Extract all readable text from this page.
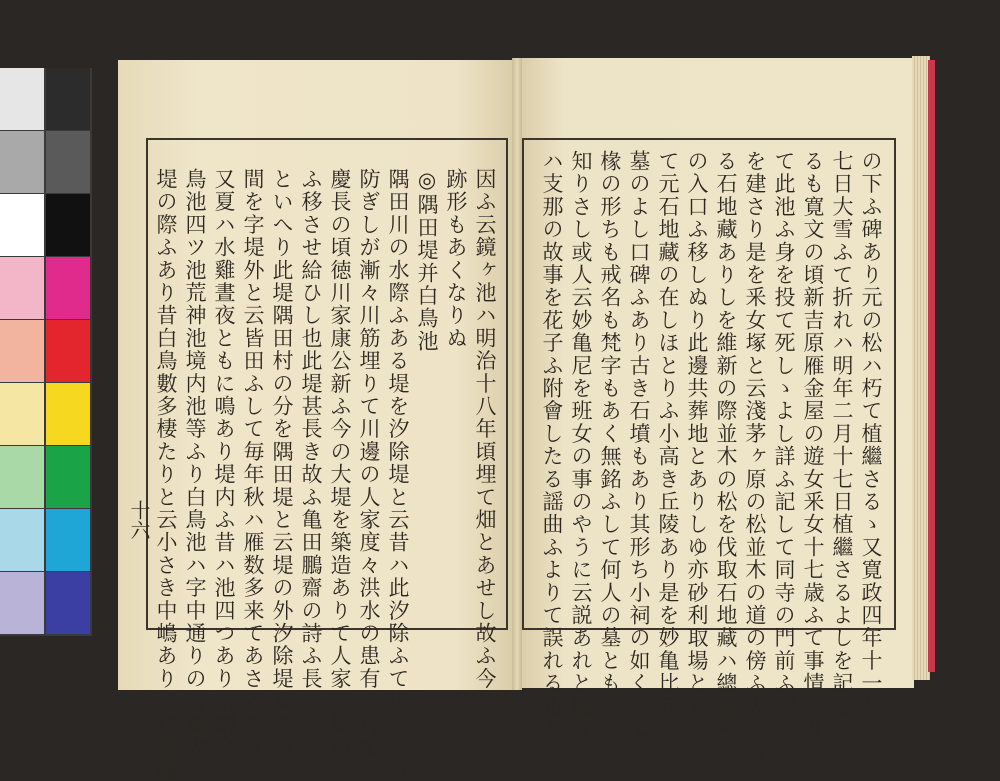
因ふ云鏡ヶ池ハ明治十八年頃埋て畑とあせし故ふ今ハ
跡形もあくなりぬ
◎隅田堤并白鳥池
隅田川の水際ふある堤を汐除堤と云昔ハ此汐除ふて出水をも
防ぎしが漸々川筋埋りて川邊の人家度々洪水の患有ふ付て
慶長の頃徳川家康公新ふ今の大堤を築造ありて人家を堤内
ふ移させ給ひし也此堤甚長き故ふ亀田鵬齋の詩ふ長堤十里
といへり此堤隅田村の分を隅田堤と云堤の外汐除堤までの
間を字堤外と云皆田ふして毎年秋ハ雁数多来てあさるあり
又夏ハ水雞晝夜ともに鳴あり堤内ふ昔ハ池四つあり所謂白
鳥池四ツ池荒神池境内池等ふり白鳥池ハ字中通りの南端大
堤の際ふあり昔白鳥數多棲たりと云小さき中嶋ありて白鳥嶋	の下ふ碑あり元の松ハ朽て植繼さるゝ又寛政四年十一月十
七日大雪ふて折れハ明年二月十七日植繼さるよしを記せ
るも寛文の頃新吉原雁金屋の遊女釆女十七歳ふて事情あり
て此池ふ身を投て死しゝよし詳ふ記して同寺の門前ふ碑
を建さり是を釆女塚と云淺茅ヶ原の松並木の道の傍ふ大なる
る石地藏ありしを維新の際並木の松を伐取石地藏ハ總泉寺
の入口ふ移しぬり此邊共葬地とありしゆ亦砂利取場とあき
て元石地藏の在しほとりふ小高き丘陵あり是を妙亀比丘の
墓のよし口碑ふあり古き石墳もあり其形ち小祠の如くふて
椽の形ちも戒名も梵字もあく無銘ふして何人の墓とも
知りさし或人云妙亀尼を班女の事のやうに云説あれと班女
ハ支那の故事を花子ふ附會したる謡曲ふよりて誤れる也と
十六
